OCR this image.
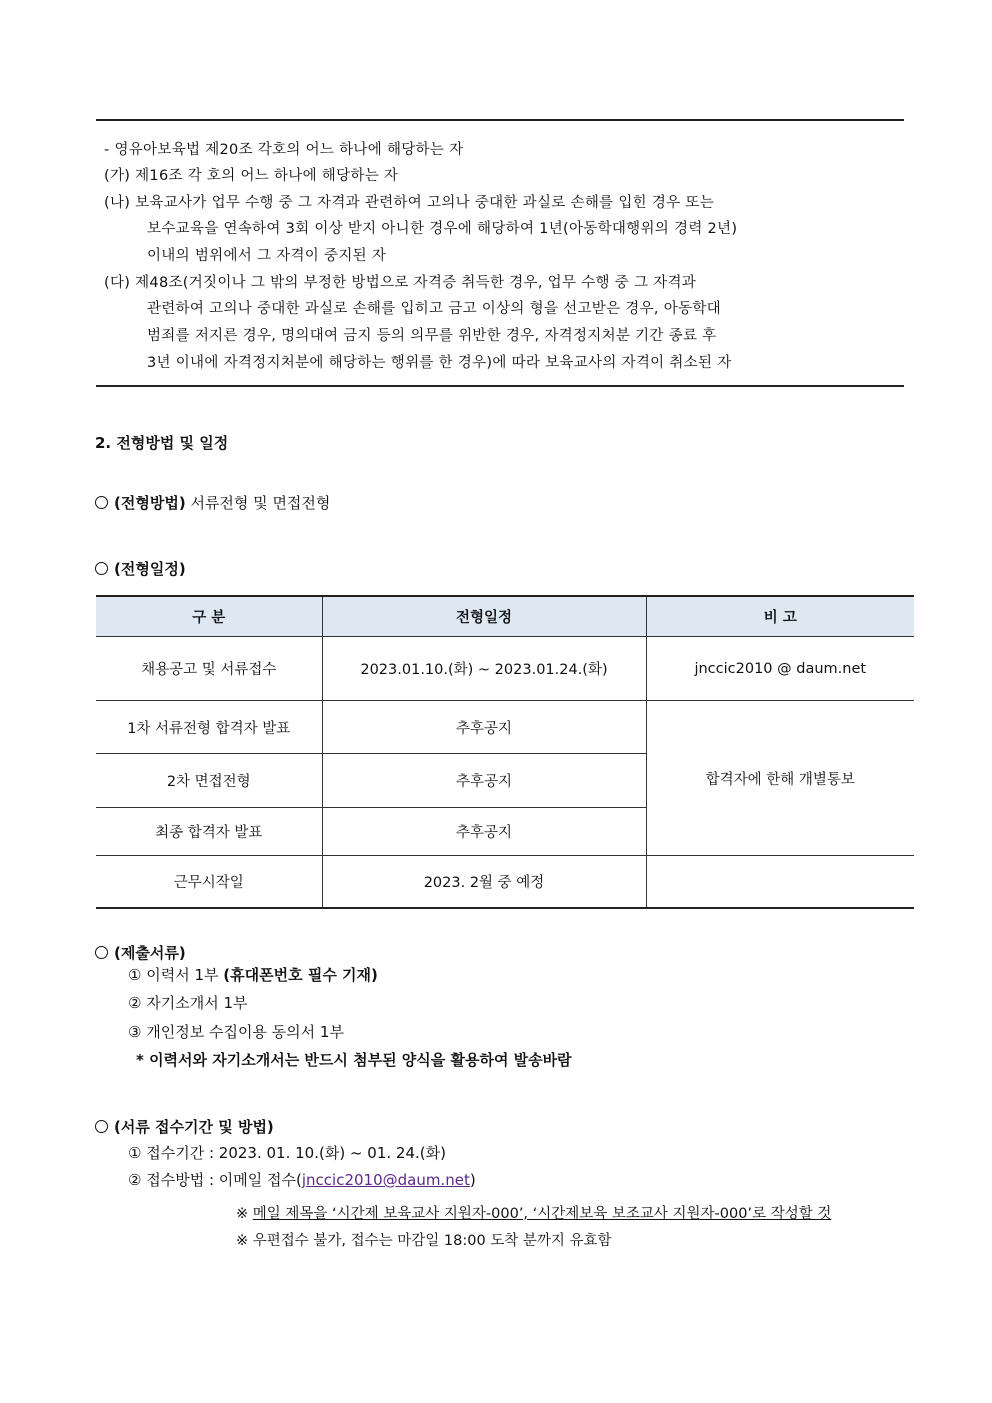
- 영유아보육법 제20조 각호의 어느 하나에 해당하는 자
(가) 제16조 각 호의 어느 하나에 해당하는 자
(나) 보육교사가 업무 수행 중 그 자격과 관련하여 고의나 중대한 과실로 손해를 입힌 경우 또는
보수교육을 연속하여 3회 이상 받지 아니한 경우에 해당하여 1년(아동학대행위의 경력 2년)
이내의 범위에서 그 자격이 중지된 자
(다) 제48조(거짓이나 그 밖의 부정한 방법으로 자격증 취득한 경우, 업무 수행 중 그 자격과
관련하여 고의나 중대한 과실로 손해를 입히고 금고 이상의 형을 선고받은 경우, 아동학대
범죄를 저지른 경우, 명의대여 금지 등의 의무를 위반한 경우, 자격정지처분 기간 종료 후
3년 이내에 자격정지처분에 해당하는 행위를 한 경우)에 따라 보육교사의 자격이 취소된 자
2. 전형방법 및 일정
(전형방법) 서류전형 및 면접전형
(전형일정)
구 분	전형일정	비 고
채용공고 및 서류접수	2023.01.10.(화) ~ 2023.01.24.(화)	jnccic2010 @ daum.net
1차 서류전형 합격자 발표	추후공지	합격자에 한해 개별통보
2차 면접전형	추후공지	
최종 합격자 발표	추후공지	
근무시작일	2023. 2월 중 예정	
(제출서류)
① 이력서 1부 (휴대폰번호 필수 기재)
② 자기소개서 1부
③ 개인정보 수집이용 동의서 1부
* 이력서와 자기소개서는 반드시 첨부된 양식을 활용하여 발송바람
(서류 접수기간 및 방법)
① 접수기간 : 2023. 01. 10.(화) ~ 01. 24.(화)
② 접수방법 : 이메일 접수(jnccic2010@daum.net)
※ 메일 제목을 ‘시간제 보육교사 지원자-000’, ‘시간제보육 보조교사 지원자-000’로 작성할 것
※ 우편접수 불가, 접수는 마감일 18:00 도착 분까지 유효함
